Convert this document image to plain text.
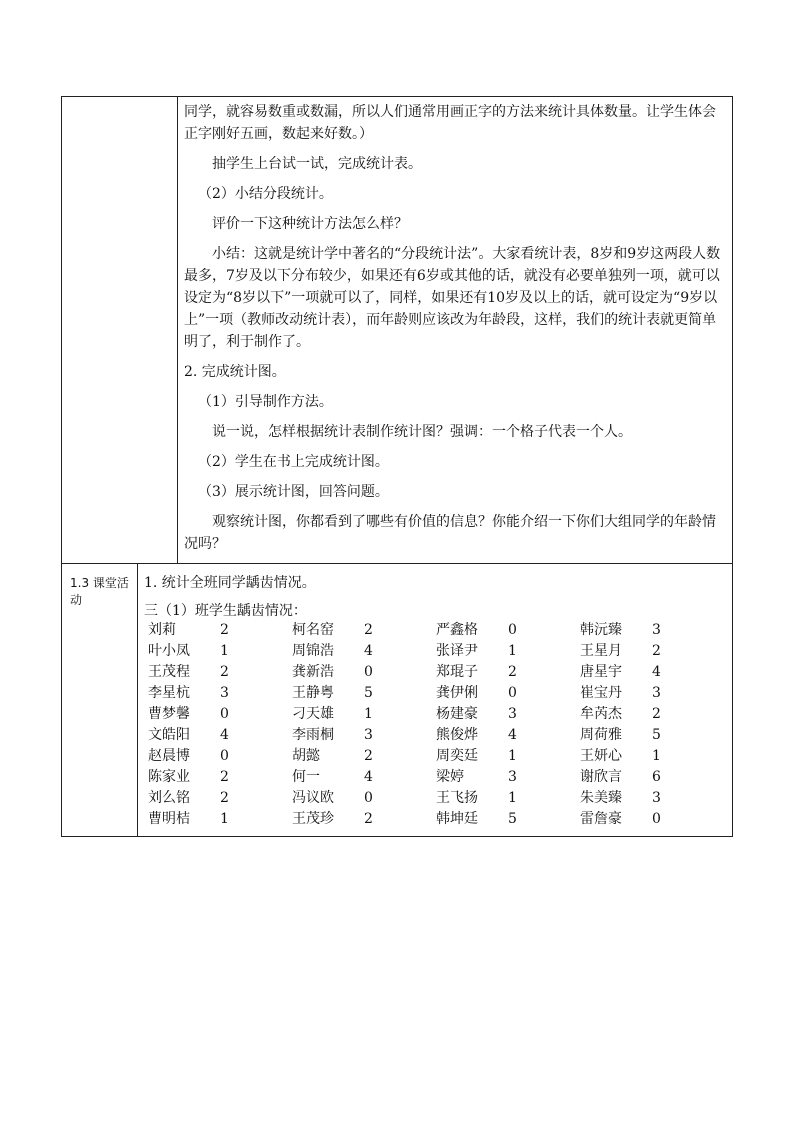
同学，就容易数重或数漏，所以人们通常用画正字的方法来统计具体数量。让学生体会正字刚好五画，数起来好数。）

抽学生上台试一试，完成统计表。

（2）小结分段统计。

评价一下这种统计方法怎么样？

小结：这就是统计学中著名的“分段统计法”。大家看统计表，8岁和9岁这两段人数最多，7岁及以下分布较少，如果还有6岁或其他的话，就没有必要单独列一项，就可以设定为“8岁以下”一项就可以了，同样，如果还有10岁及以上的话，就可设定为“9岁以上”一项（教师改动统计表），而年龄则应该改为年龄段，这样，我们的统计表就更简单明了，利于制作了。

2. 完成统计图。

（1）引导制作方法。

说一说，怎样根据统计表制作统计图？强调：一个格子代表一个人。

（2）学生在书上完成统计图。

（3）展示统计图，回答问题。

观察统计图，你都看到了哪些有价值的信息？你能介绍一下你们大组同学的年龄情况吗？

1.3 课堂活动

1. 统计全班同学龋齿情况。

三（1）班学生龋齿情况：
刘莉	2	柯名窑	2	严鑫格	0	韩沅臻	3
叶小凤	1	周锦浩	4	张译尹	1	王星月	2
王茂程	2	龚新浩	0	郑琨子	2	唐星宇	4
李星杭	3	王静粤	5	龚伊俐	0	崔宝丹	3
曹梦馨	0	刁天雄	1	杨建豪	3	牟芮杰	2
文皓阳	4	李雨桐	3	熊俊烨	4	周荷雅	5
赵晨博	0	胡懿	2	周奕廷	1	王妍心	1
陈家业	2	何一	4	梁婷	3	谢欣言	6
刘么铭	2	冯议欧	0	王飞扬	1	朱美臻	3
曹明桔	1	王茂珍	2	韩坤廷	5	雷詹豪	0
